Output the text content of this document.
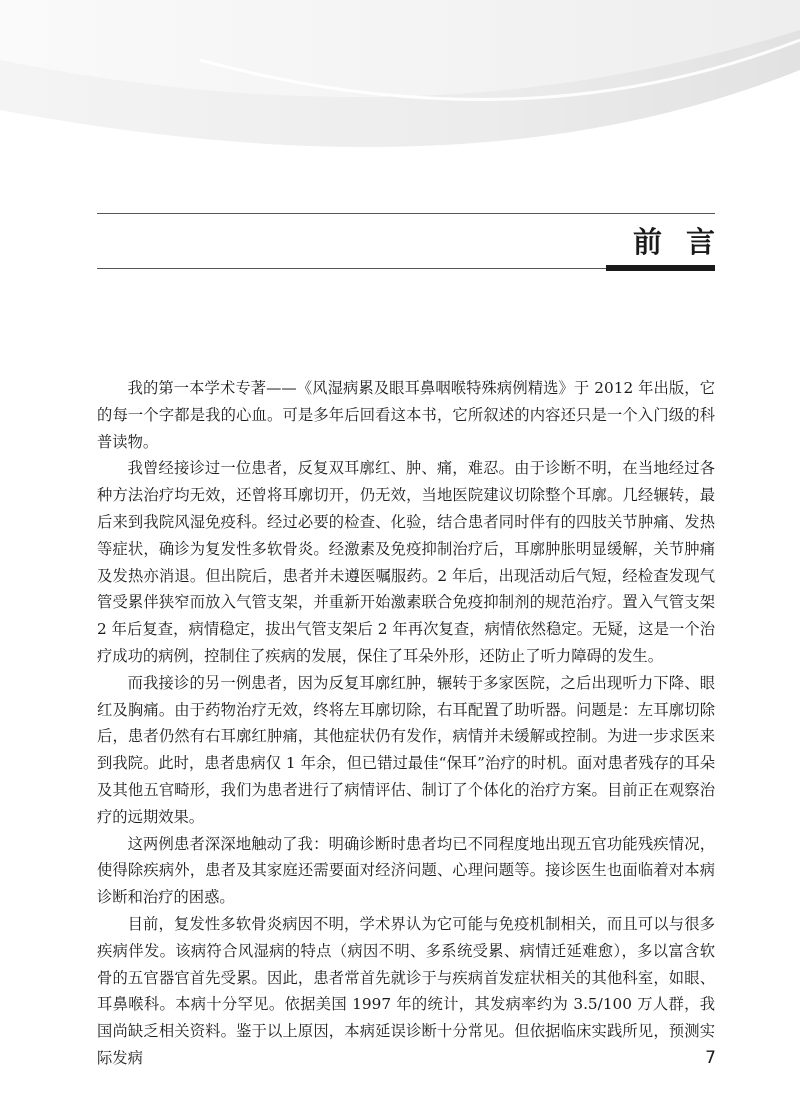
前言

我的第一本学术专著——《风湿病累及眼耳鼻咽喉特殊病例精选》于 2012 年出版，它的每一个字都是我的心血。可是多年后回看这本书，它所叙述的内容还只是一个入门级的科普读物。

我曾经接诊过一位患者，反复双耳廓红、肿、痛，难忍。由于诊断不明，在当地经过各种方法治疗均无效，还曾将耳廓切开，仍无效，当地医院建议切除整个耳廓。几经辗转，最后来到我院风湿免疫科。经过必要的检查、化验，结合患者同时伴有的四肢关节肿痛、发热等症状，确诊为复发性多软骨炎。经激素及免疫抑制治疗后，耳廓肿胀明显缓解，关节肿痛及发热亦消退。但出院后，患者并未遵医嘱服药。2 年后，出现活动后气短，经检查发现气管受累伴狭窄而放入气管支架，并重新开始激素联合免疫抑制剂的规范治疗。置入气管支架 2 年后复查，病情稳定，拔出气管支架后 2 年再次复查，病情依然稳定。无疑，这是一个治疗成功的病例，控制住了疾病的发展，保住了耳朵外形，还防止了听力障碍的发生。

而我接诊的另一例患者，因为反复耳廓红肿，辗转于多家医院，之后出现听力下降、眼红及胸痛。由于药物治疗无效，终将左耳廓切除，右耳配置了助听器。问题是：左耳廓切除后，患者仍然有右耳廓红肿痛，其他症状仍有发作，病情并未缓解或控制。为进一步求医来到我院。此时，患者患病仅 1 年余，但已错过最佳“保耳”治疗的时机。面对患者残存的耳朵及其他五官畸形，我们为患者进行了病情评估、制订了个体化的治疗方案。目前正在观察治疗的远期效果。

这两例患者深深地触动了我：明确诊断时患者均已不同程度地出现五官功能残疾情况，使得除疾病外，患者及其家庭还需要面对经济问题、心理问题等。接诊医生也面临着对本病诊断和治疗的困惑。

目前，复发性多软骨炎病因不明，学术界认为它可能与免疫机制相关，而且可以与很多疾病伴发。该病符合风湿病的特点（病因不明、多系统受累、病情迁延难愈），多以富含软骨的五官器官首先受累。因此，患者常首先就诊于与疾病首发症状相关的其他科室，如眼、耳鼻喉科。本病十分罕见。依据美国 1997 年的统计，其发病率约为 3.5/100 万人群，我国尚缺乏相关资料。鉴于以上原因，本病延误诊断十分常见。但依据临床实践所见，预测实际发病	7
